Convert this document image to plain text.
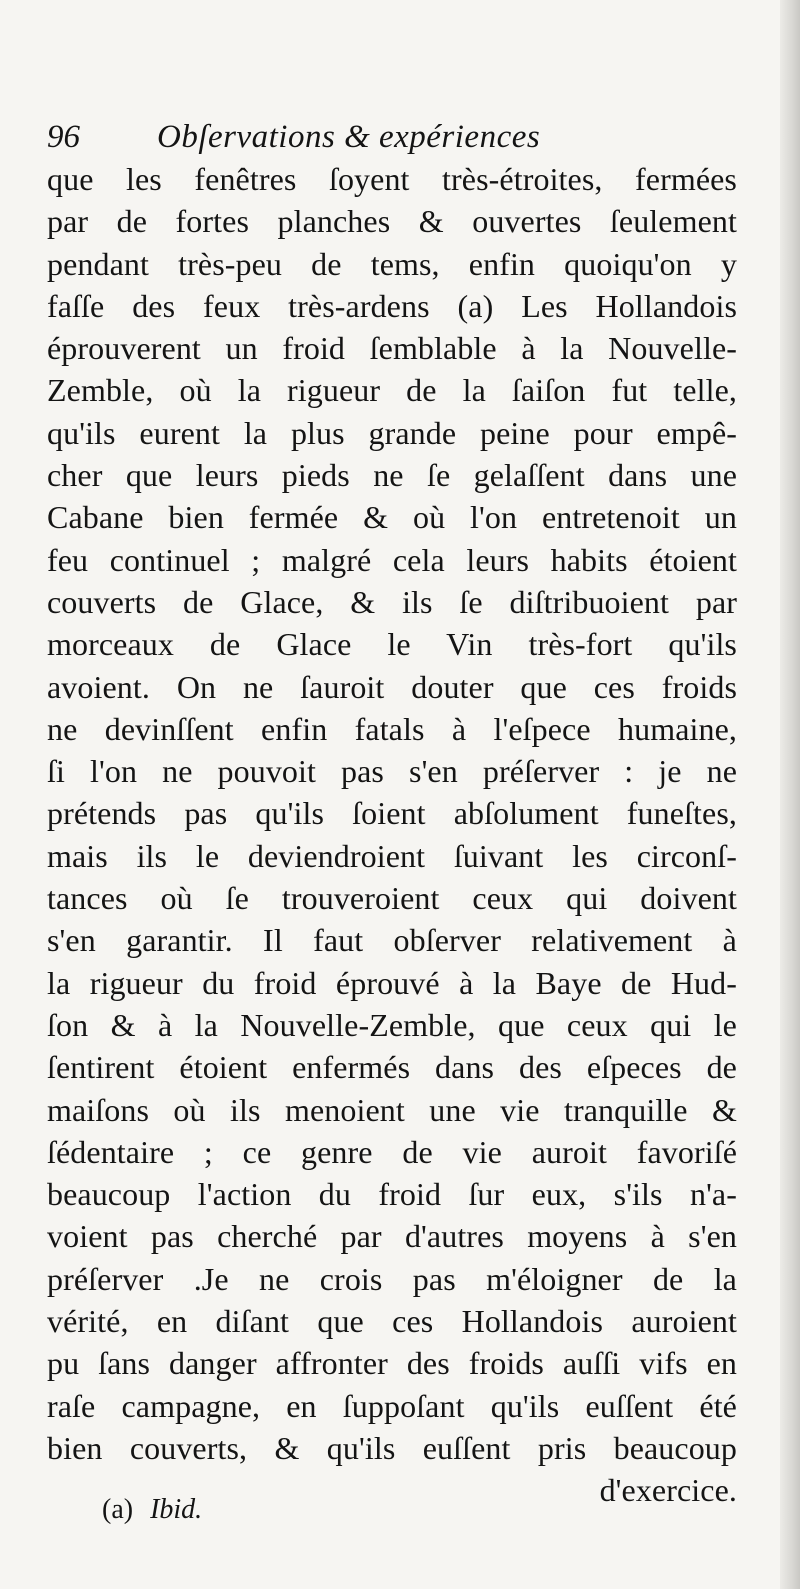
96 Obſervations & expériences
que les fenêtres ſoyent très-étroites, fermées
par de fortes planches & ouvertes ſeulement
pendant très-peu de tems, enfin quoiqu'on y
faſſe des feux très-ardens (a) Les Hollandois
éprouverent un froid ſemblable à la Nouvelle-
Zemble, où la rigueur de la ſaiſon fut telle,
qu'ils eurent la plus grande peine pour empê-
cher que leurs pieds ne ſe gelaſſent dans une
Cabane bien fermée & où l'on entretenoit un
feu continuel ; malgré cela leurs habits étoient
couverts de Glace, & ils ſe diſtribuoient par
morceaux de Glace le Vin très-fort qu'ils
avoient. On ne ſauroit douter que ces froids
ne devinſſent enfin fatals à l'eſpece humaine,
ſi l'on ne pouvoit pas s'en préſerver : je ne
prétends pas qu'ils ſoient abſolument funeſtes,
mais ils le deviendroient ſuivant les circonſ-
tances où ſe trouveroient ceux qui doivent
s'en garantir. Il faut obſerver relativement à
la rigueur du froid éprouvé à la Baye de Hud-
ſon & à la Nouvelle-Zemble, que ceux qui le
ſentirent étoient enfermés dans des eſpeces de
maiſons où ils menoient une vie tranquille &
ſédentaire ; ce genre de vie auroit favoriſé
beaucoup l'action du froid ſur eux, s'ils n'a-
voient pas cherché par d'autres moyens à s'en
préſerver .Je ne crois pas m'éloigner de la
vérité, en diſant que ces Hollandois auroient
pu ſans danger affronter des froids auſſi vifs en
raſe campagne, en ſuppoſant qu'ils euſſent été
bien couverts, & qu'ils euſſent pris beaucoup
d'exercice.
(a) Ibid.
